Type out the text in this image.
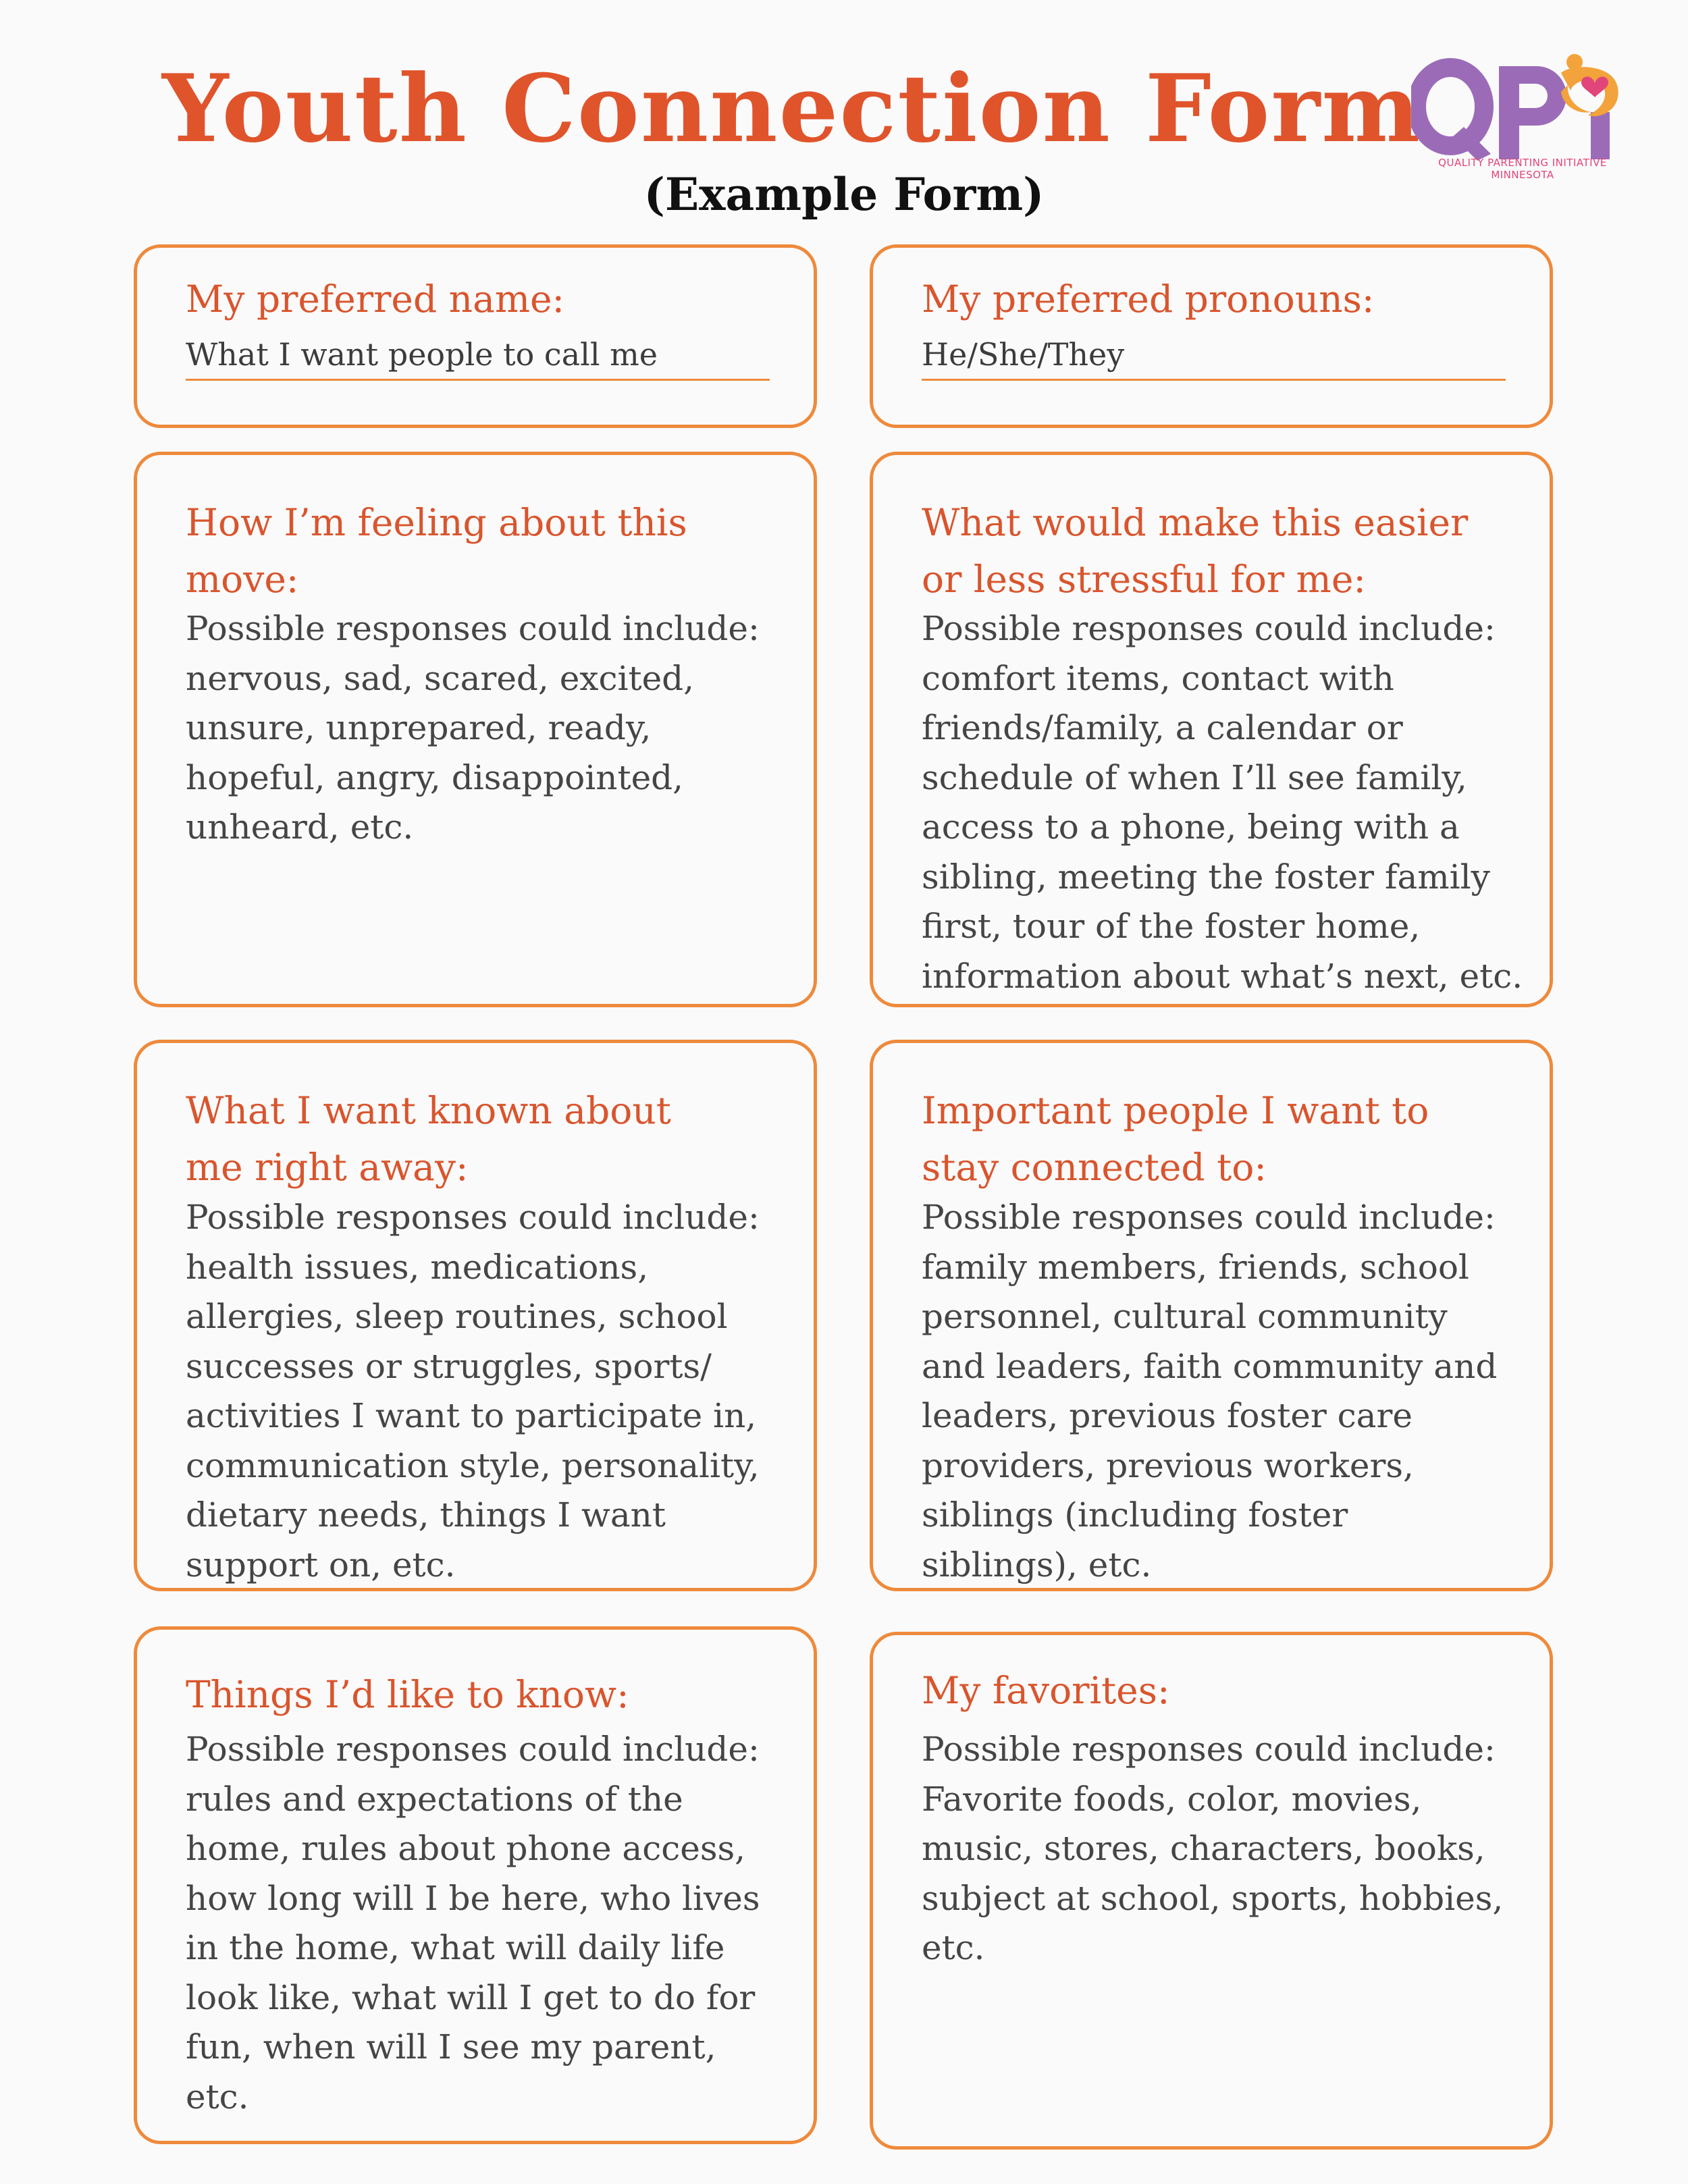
Youth Connection Form
(Example Form)
QUALITY PARENTING INITIATIVE
MINNESOTA
My preferred name:
What I want people to call me
My preferred pronouns:
He/She/They
How I’m feeling about this
move:
Possible responses could include:
nervous, sad, scared, excited,
unsure, unprepared, ready,
hopeful, angry, disappointed,
unheard, etc.
What would make this easier
or less stressful for me:
Possible responses could include:
comfort items, contact with
friends/family, a calendar or
schedule of when I’ll see family,
access to a phone, being with a
sibling, meeting the foster family
first, tour of the foster home,
information about what’s next, etc.
What I want known about
me right away:
Possible responses could include:
health issues, medications,
allergies, sleep routines, school
successes or struggles, sports/
activities I want to participate in,
communication style, personality,
dietary needs, things I want
support on, etc.
Important people I want to
stay connected to:
Possible responses could include:
family members, friends, school
personnel, cultural community
and leaders, faith community and
leaders, previous foster care
providers, previous workers,
siblings (including foster
siblings), etc.
Things I’d like to know:
Possible responses could include:
rules and expectations of the
home, rules about phone access,
how long will I be here, who lives
in the home, what will daily life
look like, what will I get to do for
fun, when will I see my parent,
etc.
My favorites:
Possible responses could include:
Favorite foods, color, movies,
music, stores, characters, books,
subject at school, sports, hobbies,
etc.
